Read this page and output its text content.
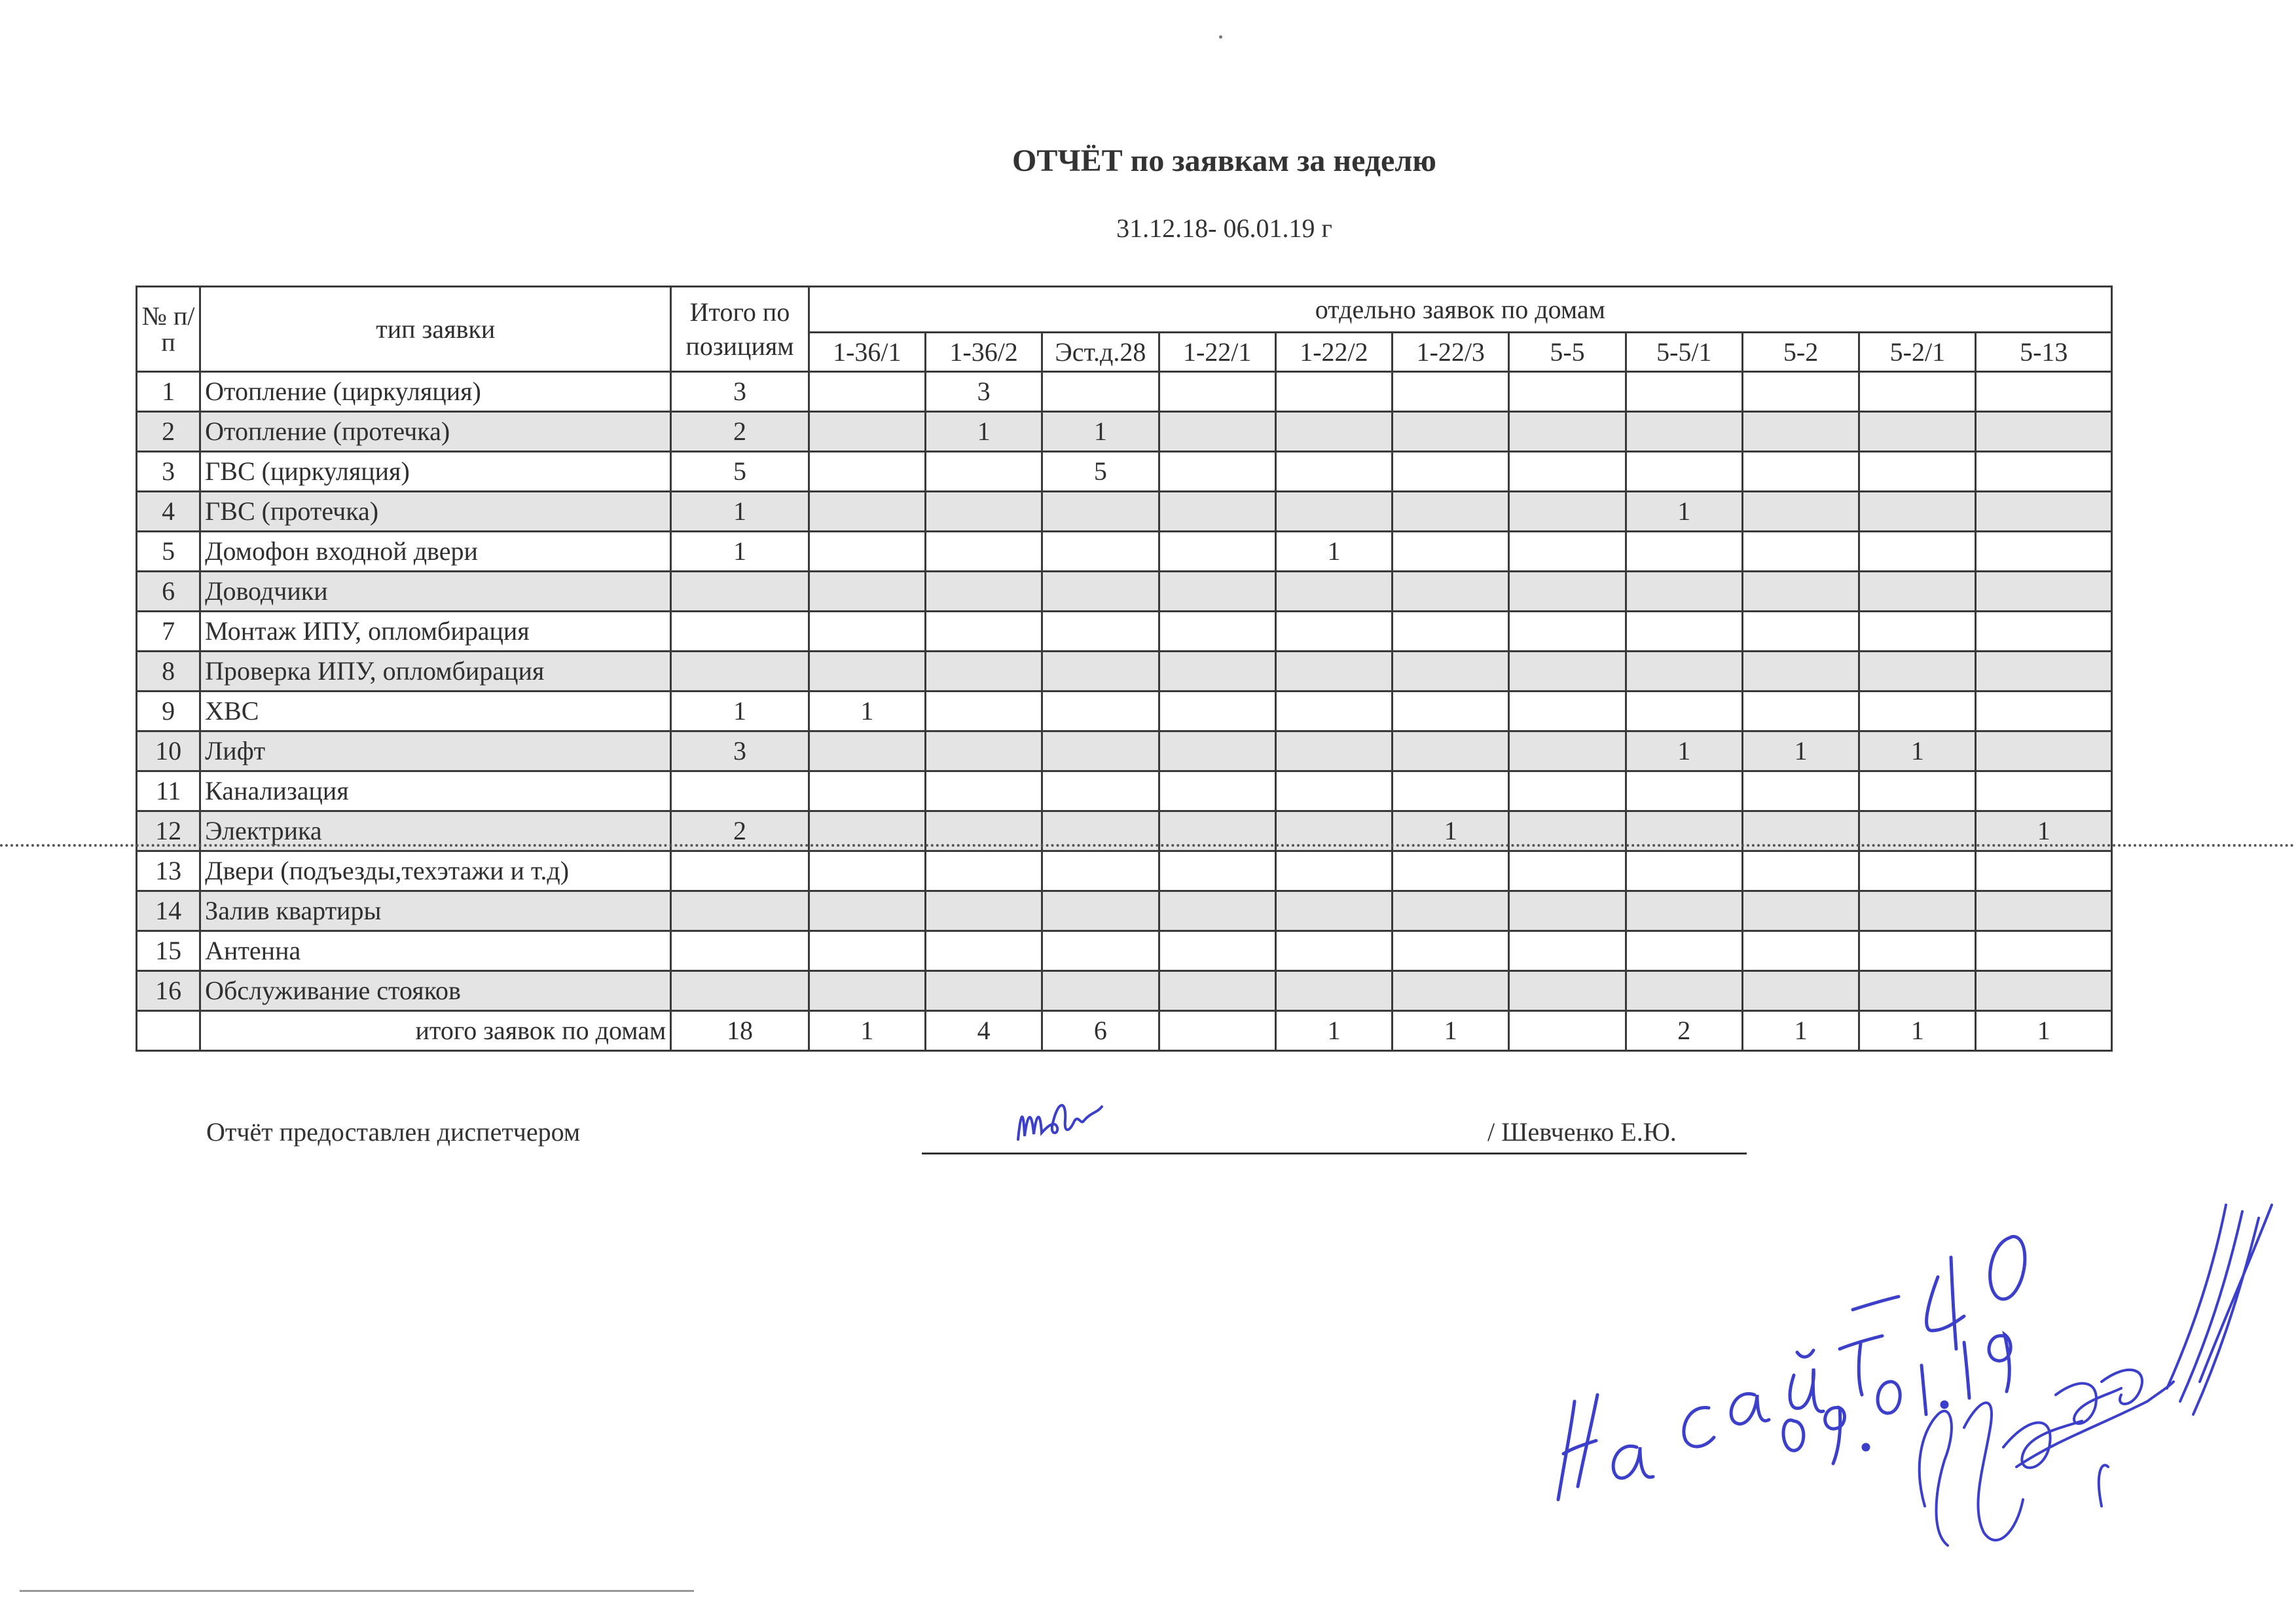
ОТЧЁТ по заявкам за неделю
31.12.18- 06.01.19 г
№ п/п	тип заявки	Итого по позициям	отдельно заявок по домам										
			1-36/1	1-36/2	Эст.д.28	1-22/1	1-22/2	1-22/3	5-5	5-5/1	5-2	5-2/1	5-13
1	Отопление (циркуляция)	3		3									
2	Отопление (протечка)	2		1	1								
3	ГВС (циркуляция)	5			5								
4	ГВС (протечка)	1								1			
5	Домофон входной двери	1					1						
6	Доводчики												
7	Монтаж ИПУ, опломбирация												
8	Проверка ИПУ, опломбирация												
9	ХВС	1	1										
10	Лифт	3								1	1	1	
11	Канализация												
12	Электрика	2						1					1
13	Двери (подъезды,техэтажи и т.д)												
14	Залив квартиры												
15	Антенна												
16	Обслуживание стояков												
	итого заявок по домам	18	1	4	6		1	1		2	1	1	1
Отчёт предоставлен диспетчером	/ Шевченко Е.Ю.
